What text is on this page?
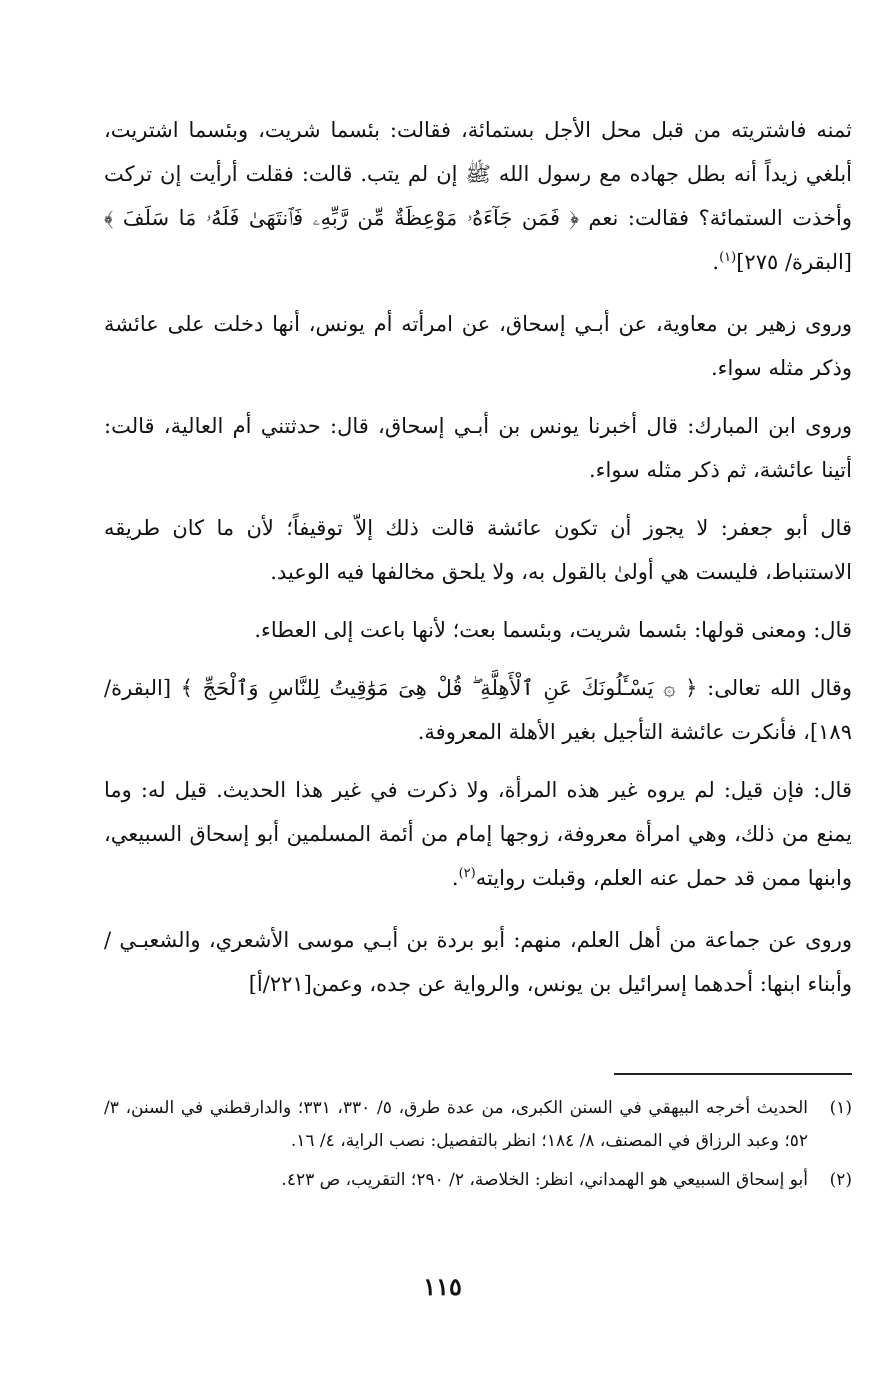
ثمنه فاشتريته من قبل محل الأجل بستمائة، فقالت: بئسما شريت، وبئسما اشتريت، أبلغي زيداً أنه بطل جهاده مع رسول الله ﷺ إن لم يتب. قالت: فقلت أرأيت إن تركت وأخذت الستمائة؟ فقالت: نعم ﴿ فَمَن جَآءَهُۥ مَوْعِظَةٌ مِّن رَّبِّهِۦ فَٱنتَهَىٰ فَلَهُۥ مَا سَلَفَ ﴾ [البقرة/ ٢٧٥]$^{(١)}$.

وروى زهير بن معاوية، عن أبـي إسحاق، عن امرأته أم يونس، أنها دخلت على عائشة وذكر مثله سواء.

وروى ابن المبارك: قال أخبرنا يونس بن أبـي إسحاق، قال: حدثتني أم العالية، قالت: أتينا عائشة، ثم ذكر مثله سواء.

قال أبو جعفر: لا يجوز أن تكون عائشة قالت ذلك إلاّ توقيفاً؛ لأن ما كان طريقه الاستنباط، فليست هي أولىٰ بالقول به، ولا يلحق مخالفها فيه الوعيد.

قال: ومعنى قولها: بئسما شريت، وبئسما بعت؛ لأنها باعت إلى العطاء.

وقال الله تعالى: ﴿ ۞ يَسْـَٔلُونَكَ عَنِ ٱلْأَهِلَّةِ ۖ قُلْ هِىَ مَوَٰقِيتُ لِلنَّاسِ وَٱلْحَجِّ ﴾ [البقرة/ ١٨٩]، فأنكرت عائشة التأجيل بغير الأهلة المعروفة.

قال: فإن قيل: لم يروه غير هذه المرأة، ولا ذكرت في غير هذا الحديث. قيل له: وما يمنع من ذلك، وهي امرأة معروفة، زوجها إمام من أئمة المسلمين أبو إسحاق السبيعي، وابنها ممن قد حمل عنه العلم، وقبلت روايته$^{(٢)}$.

وروى عن جماعة من أهل العلم، منهم: أبو بردة بن أبـي موسى الأشعري، والشعبـي / وأبناء ابنها: أحدهما إسرائيل بن يونس، والرواية عن جده، وعمن[٢٢١/أ]

(١)
الحديث أخرجه البيهقي في السنن الكبرى، من عدة طرق، ٥/ ٣٣٠، ٣٣١؛ والدارقطني في السنن، ٣/ ٥٢؛ وعبد الرزاق في المصنف، ٨/ ١٨٤؛ انظر بالتفصيل: نصب الراية، ٤/ ١٦.
(٢)
أبو إسحاق السبيعي هو الهمداني، انظر: الخلاصة، ٢/ ٢٩٠؛ التقريب، ص ٤٢٣.
١١٥
